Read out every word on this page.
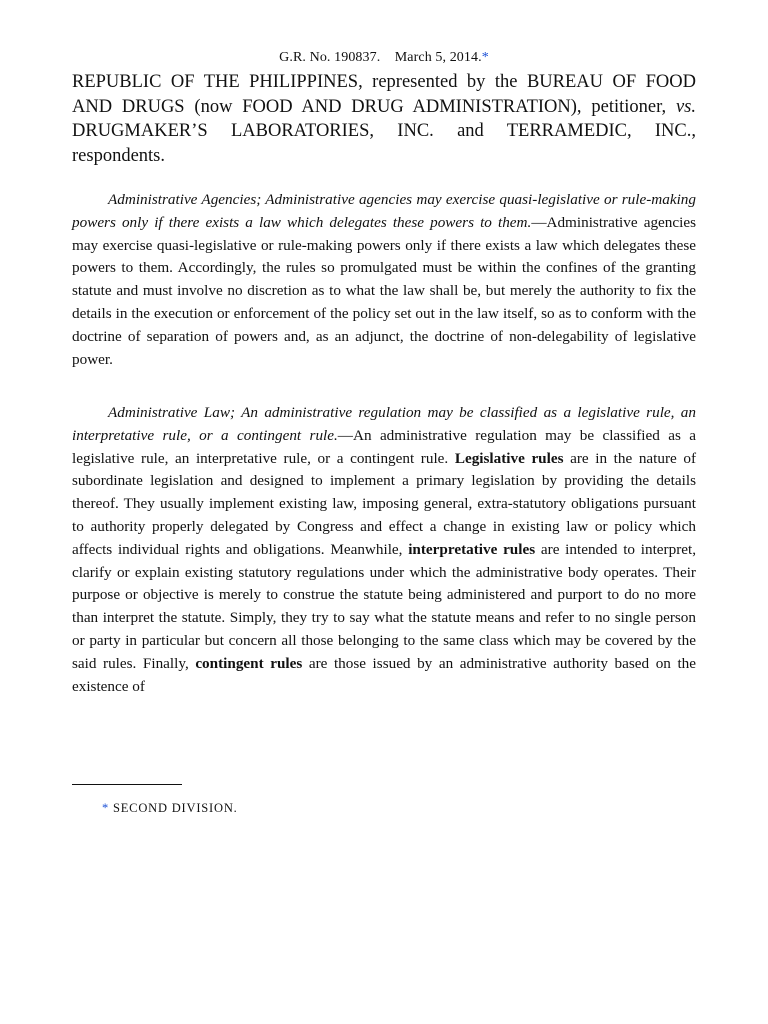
G.R. No. 190837. March 5, 2014.*
REPUBLIC OF THE PHILIPPINES, represented by the BUREAU OF FOOD AND DRUGS (now FOOD AND DRUG ADMINISTRATION), petitioner, vs. DRUGMAKER’S LABORATORIES, INC. and TERRAMEDIC, INC., respondents.

Administrative Agencies; Administrative agencies may exercise quasi-legislative or rule-making powers only if there exists a law which delegates these powers to them.—Administrative agencies may exercise quasi-legislative or rule-making powers only if there exists a law which delegates these powers to them. Accordingly, the rules so promulgated must be within the confines of the granting statute and must involve no discretion as to what the law shall be, but merely the authority to fix the details in the execution or enforcement of the policy set out in the law itself, so as to conform with the doctrine of separation of powers and, as an adjunct, the doctrine of non-delegability of legislative power.

Administrative Law; An administrative regulation may be classified as a legislative rule, an interpretative rule, or a contingent rule.—An administrative regulation may be classified as a legislative rule, an interpretative rule, or a contingent rule. Legislative rules are in the nature of subordinate legislation and designed to implement a primary legislation by providing the details thereof. They usually implement existing law, imposing general, extra-statutory obligations pursuant to authority properly delegated by Congress and effect a change in existing law or policy which affects individual rights and obligations. Meanwhile, interpretative rules are intended to interpret, clarify or explain existing statutory regulations under which the administrative body operates. Their purpose or objective is merely to construe the statute being administered and purport to do no more than interpret the statute. Simply, they try to say what the statute means and refer to no single person or party in particular but concern all those belonging to the same class which may be covered by the said rules. Finally, contingent rules are those issued by an administrative authority based on the existence of

* SECOND DIVISION.
